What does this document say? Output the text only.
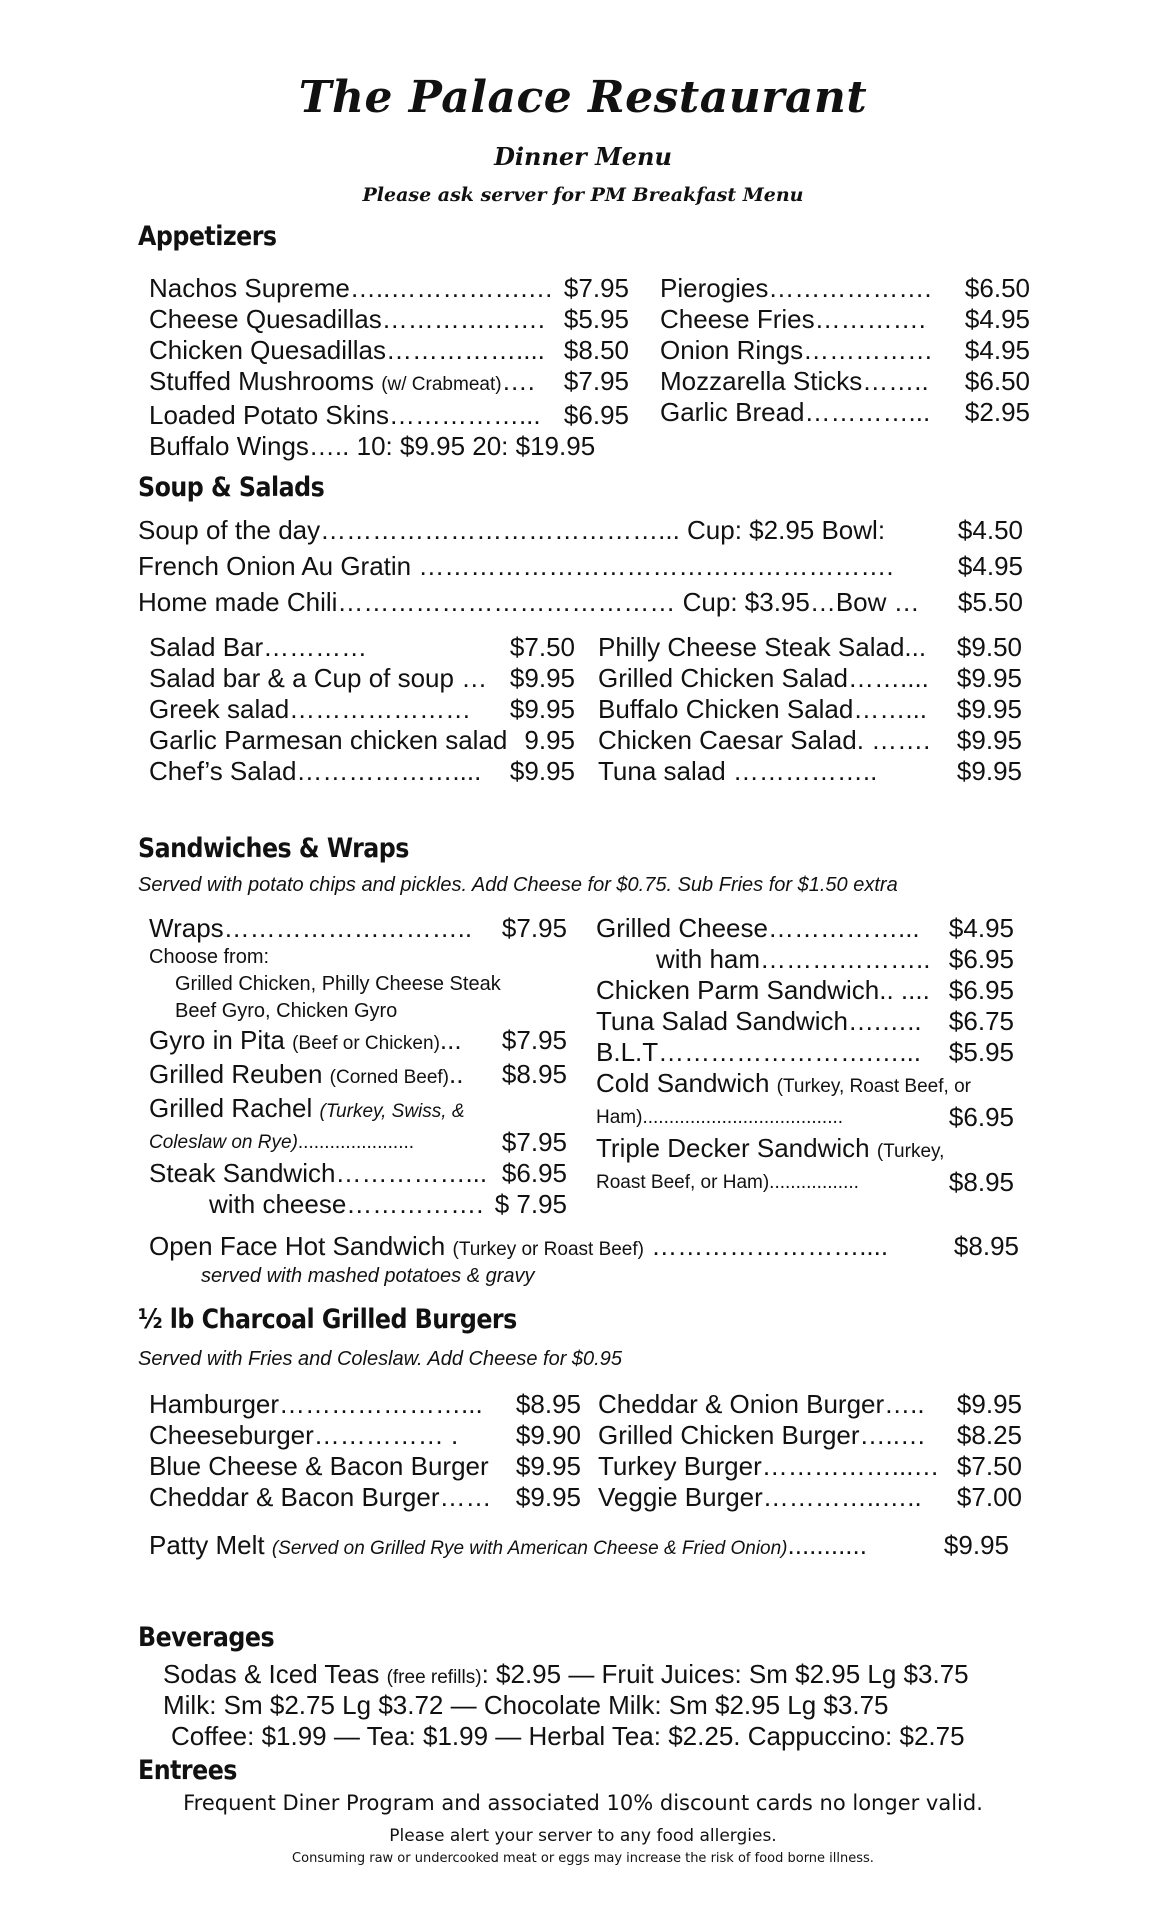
The Palace Restaurant
Dinner Menu
Please ask server for PM Breakfast Menu
Appetizers
Nachos Supreme…..…………….… $7.95
Cheese Quesadillas………………. $5.95
Chicken Quesadillas…………….... $8.50
Stuffed Mushrooms (w/ Crabmeat)…. $7.95
Loaded Potato Skins……………... $6.95
Buffalo Wings….. 10: $9.95 20: $19.95
Pierogies………………. $6.50
Cheese Fries…………. $4.95
Onion Rings…………… $4.95
Mozzarella Sticks…….. $6.50
Garlic Bread…………... $2.95
Soup & Salads
Soup of the day…………………………………... Cup: $2.95 Bowl:	$4.50
French Onion Au Gratin ………………………………………………. $4.95
Home made Chili………………………………… Cup: $3.95…Bow … $5.50
Salad Bar…………	$7.50
Salad bar & a Cup of soup … $9.95
Greek salad………………… $9.95
Garlic Parmesan chicken salad 9.95
Chef’s Salad……………….... $9.95
Philly Cheese Steak Salad... $9.50
Grilled Chicken Salad…….... $9.95
Buffalo Chicken Salad……... $9.95
Chicken Caesar Salad. ……. $9.95
Tuna salad ……………..	$9.95
Sandwiches & Wraps
Served with potato chips and pickles. Add Cheese for $0.75. Sub Fries for $1.50 extra
Wraps……………………….. $7.95
Choose from:
Grilled Chicken, Philly Cheese Steak
Beef Gyro, Chicken Gyro
Gyro in Pita (Beef or Chicken)... $7.95
Grilled Reuben (Corned Beef).. $8.95
Grilled Rachel (Turkey, Swiss, &
Coleslaw on Rye)......................	$7.95
Steak Sandwich……………... $6.95
with cheese……………. $ 7.95
Grilled Cheese……………... $4.95
with ham……………….. $6.95
Chicken Parm Sandwich.. .... $6.95
Tuna Salad Sandwich….….. $6.75
B.L.T…………………….…... $5.95
Cold Sandwich (Turkey, Roast Beef, or
Ham)......................................	$6.95
Triple Decker Sandwich (Turkey,
Roast Beef, or Ham).................	$8.95
Open Face Hot Sandwich (Turkey or Roast Beef) ……………………....	$8.95
served with mashed potatoes & gravy
½ lb Charcoal Grilled Burgers
Served with Fries and Coleslaw. Add Cheese for $0.95
Hamburger…………………... $8.95
Cheeseburger…………… . $9.90
Blue Cheese & Bacon Burger $9.95
Cheddar & Bacon Burger…… $9.95
Cheddar & Onion Burger….. $9.95
Grilled Chicken Burger…..… $8.25
Turkey Burger……………...… $7.50
Veggie Burger…………..….. $7.00
Patty Melt (Served on Grilled Rye with American Cheese & Fried Onion)...........	$9.95
Beverages
Sodas & Iced Teas (free refills): $2.95 — Fruit Juices: Sm $2.95 Lg $3.75
Milk: Sm $2.75 Lg $3.72 — Chocolate Milk: Sm $2.95 Lg $3.75
Coffee: $1.99 — Tea: $1.99 — Herbal Tea: $2.25. Cappuccino: $2.75
Entrees
Frequent Diner Program and associated 10% discount cards no longer valid.
Please alert your server to any food allergies.
Consuming raw or undercooked meat or eggs may increase the risk of food borne illness.
